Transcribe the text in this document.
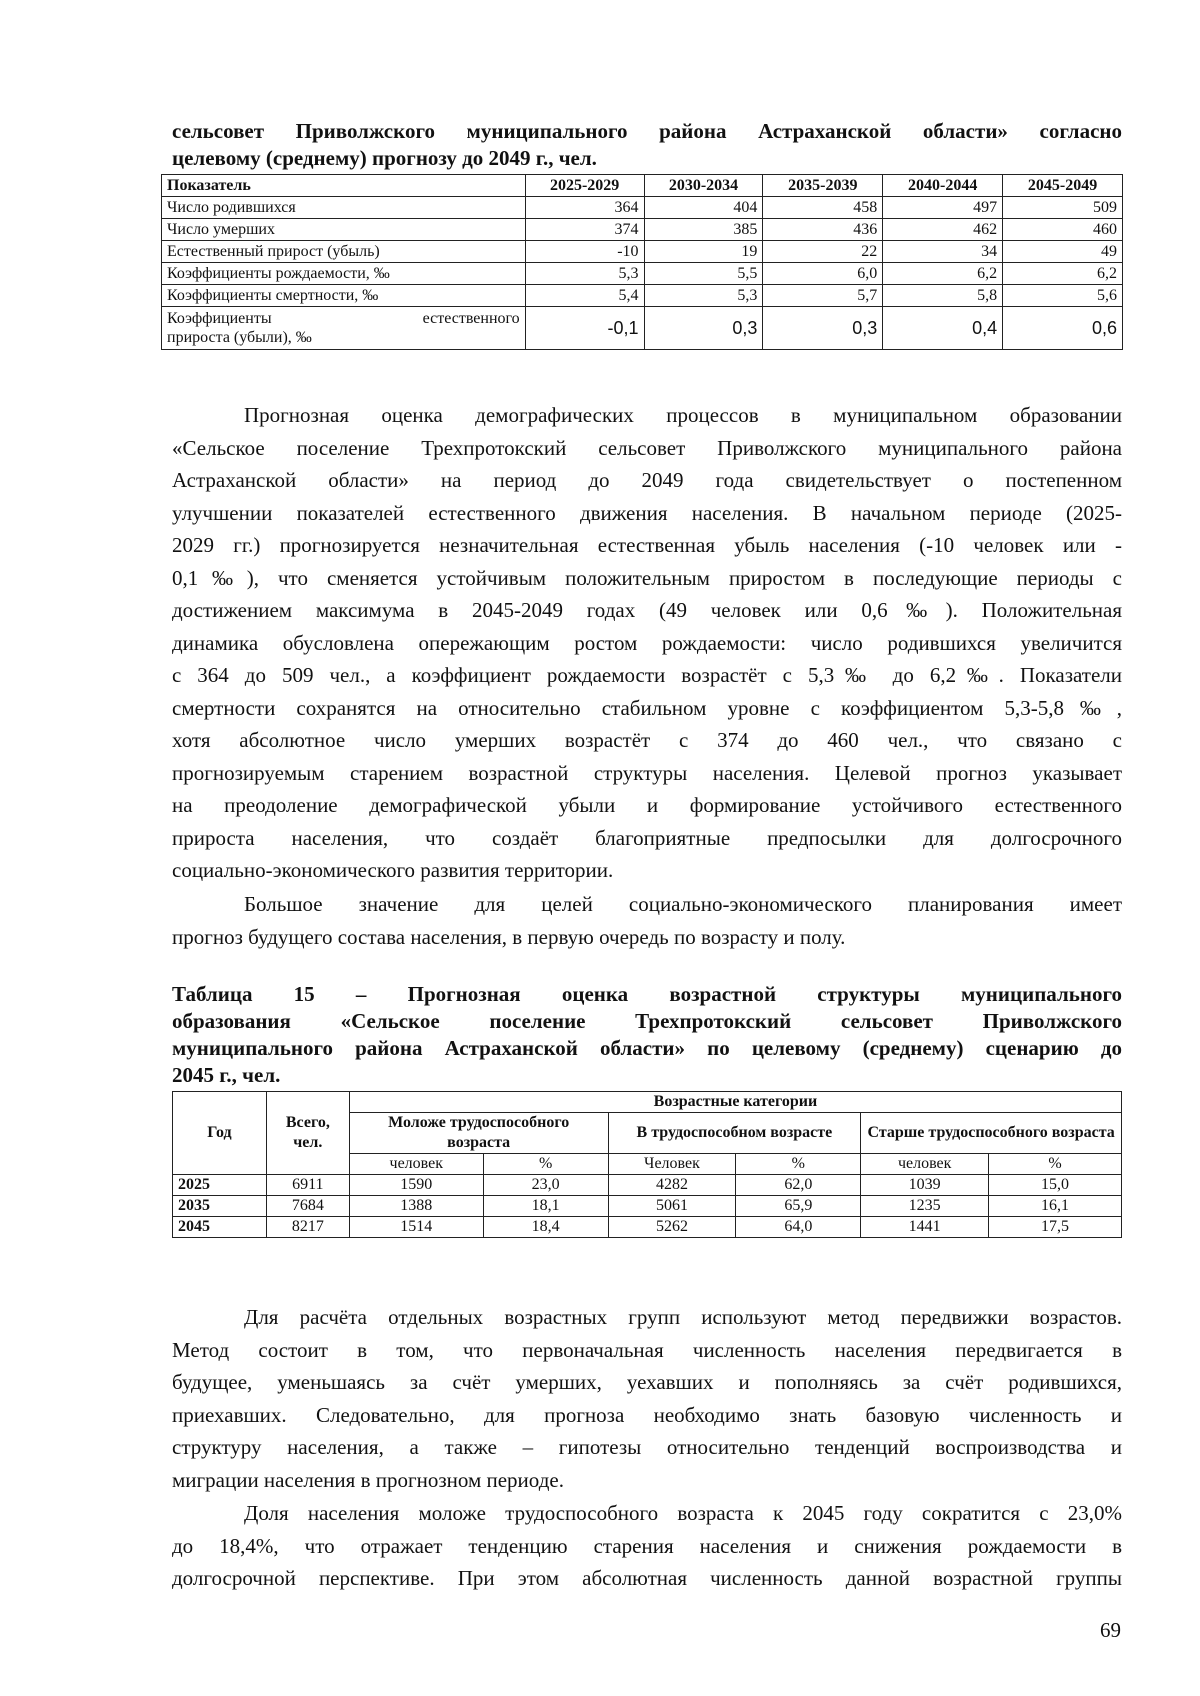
сельсовет Приволжского муниципального района Астраханской области» согласно
целевому (среднему) прогнозу до 2049 г., чел.
Показатель	2025-2029	2030-2034	2035-2039	2040-2044	2045-2049
Число родившихся	364	404	458	497	509
Число умерших	374	385	436	462	460
Естественный прирост (убыль)	-10	19	22	34	49
Коэффициенты рождаемости, ‰	5,3	5,5	6,0	6,2	6,2
Коэффициенты смертности, ‰	5,4	5,3	5,7	5,8	5,6

Коэффициенты естественного
прироста (убыли), ‰	-0,1	0,3	0,3	0,4	0,6
Прогнозная оценка демографических процессов в муниципальном образовании
«Сельское поселение Трехпротокский сельсовет Приволжского муниципального района
Астраханской области» на период до 2049 года свидетельствует о постепенном
улучшении показателей естественного движения населения. В начальном периоде (2025-
2029 гг.) прогнозируется незначительная естественная убыль населения (-10 человек или -
0,1‰), что сменяется устойчивым положительным приростом в последующие периоды с
достижением максимума в 2045-2049 годах (49 человек или 0,6‰). Положительная
динамика обусловлена опережающим ростом рождаемости: число родившихся увеличится
с 364 до 509 чел., а коэффициент рождаемости возрастёт с 5,3‰ до 6,2‰. Показатели
смертности сохранятся на относительно стабильном уровне с коэффициентом 5,3-5,8‰,
хотя абсолютное число умерших возрастёт с 374 до 460 чел., что связано с
прогнозируемым старением возрастной структуры населения. Целевой прогноз указывает
на преодоление демографической убыли и формирование устойчивого естественного
прироста населения, что создаёт благоприятные предпосылки для долгосрочного
социально-экономического развития территории.
Большое значение для целей социально-экономического планирования имеет
прогноз будущего состава населения, в первую очередь по возрасту и полу.
Таблица 15 – Прогнозная оценка возрастной структуры муниципального
образования «Сельское поселение Трехпротокский сельсовет Приволжского
муниципального района Астраханской области» по целевому (среднему) сценарию до
2045 г., чел.
Год	Всего, чел.	Возрастные категории					
		Моложе трудоспособного возраста		В трудоспособном возрасте		Старше трудоспособного возраста	
		человек	%	Человек	%	человек	%
2025	6911	1590	23,0	4282	62,0	1039	15,0
2035	7684	1388	18,1	5061	65,9	1235	16,1
2045	8217	1514	18,4	5262	64,0	1441	17,5
Для расчёта отдельных возрастных групп используют метод передвижки возрастов.
Метод состоит в том, что первоначальная численность населения передвигается в
будущее, уменьшаясь за счёт умерших, уехавших и пополняясь за счёт родившихся,
приехавших. Следовательно, для прогноза необходимо знать базовую численность и
структуру населения, а также – гипотезы относительно тенденций воспроизводства и
миграции населения в прогнозном периоде.
Доля населения моложе трудоспособного возраста к 2045 году сократится с 23,0%
до 18,4%, что отражает тенденцию старения населения и снижения рождаемости в
долгосрочной перспективе. При этом абсолютная численность данной возрастной группы
69
